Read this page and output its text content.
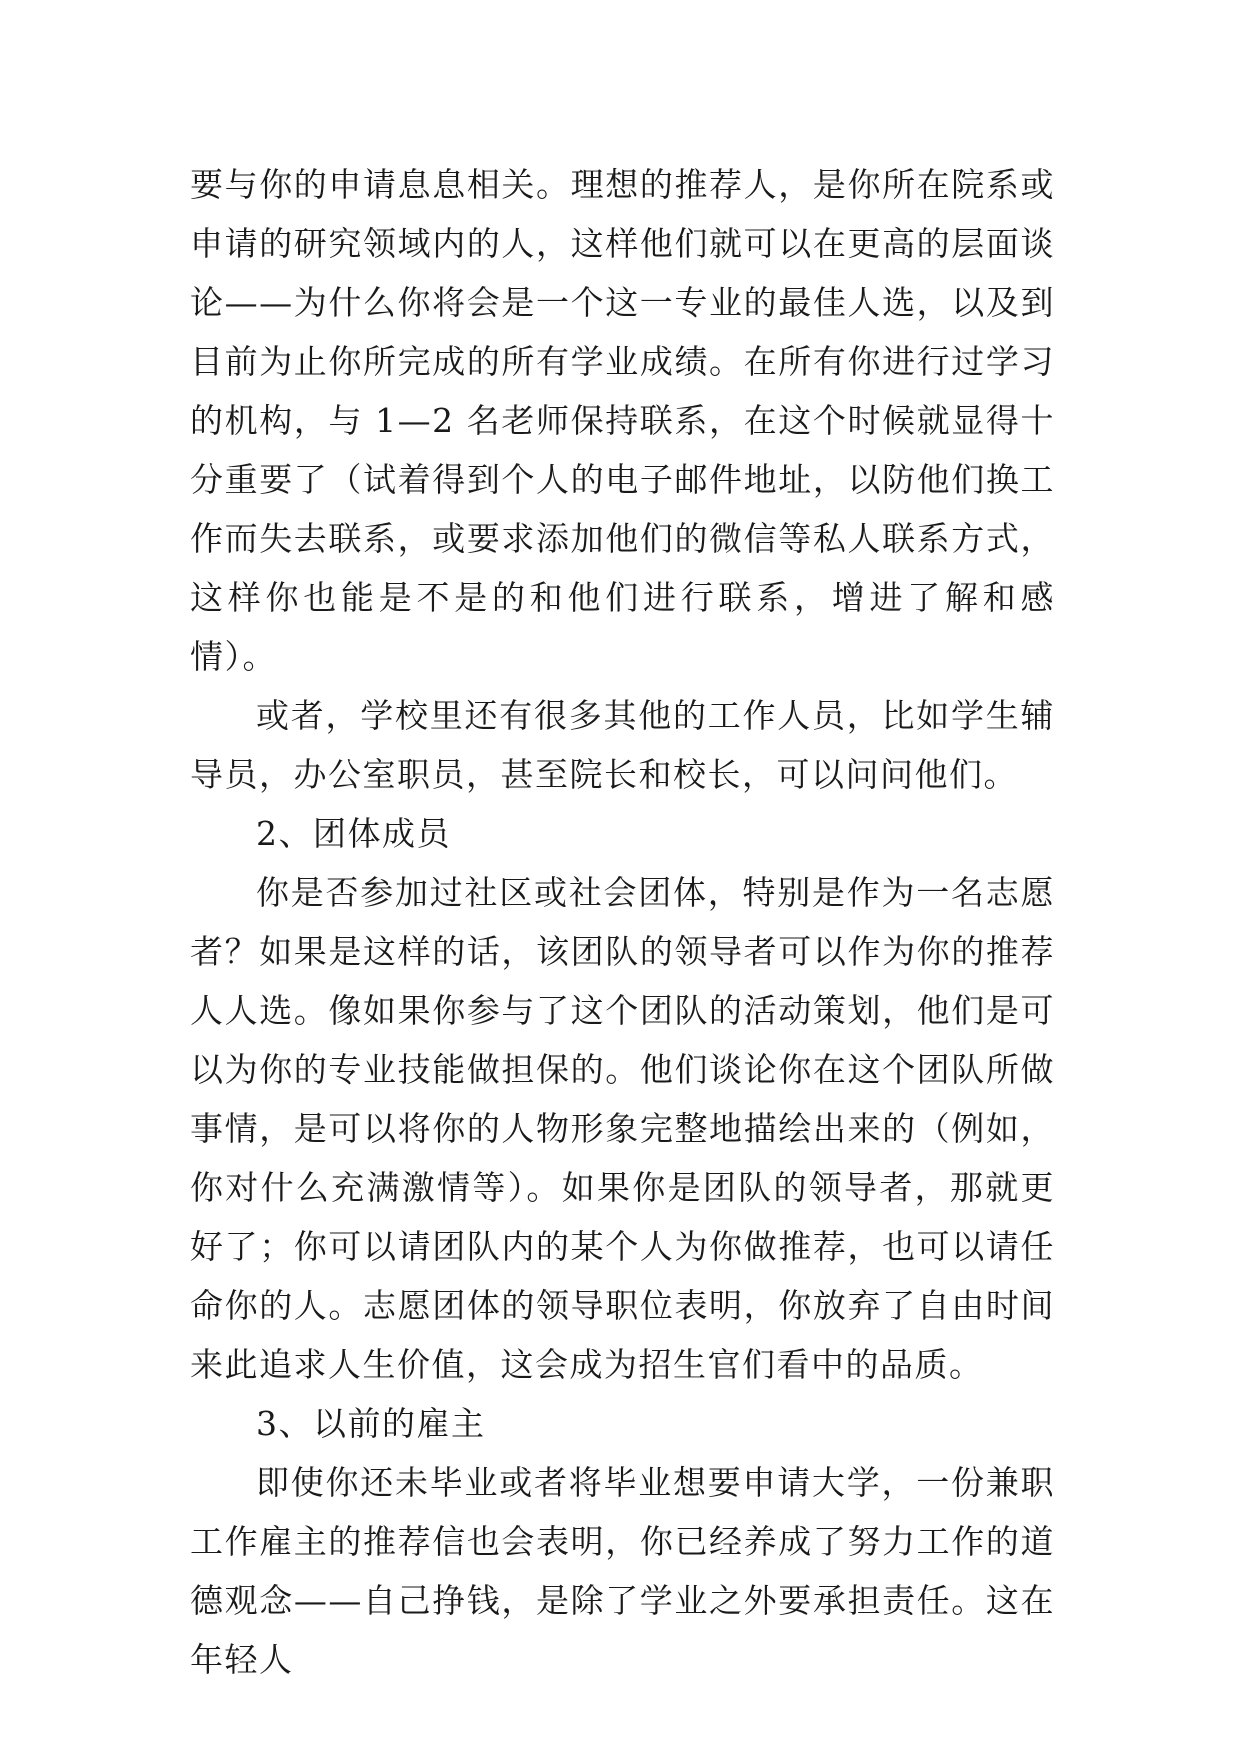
要与你的申请息息相关。理想的推荐人，是你所在院系或申请的研究领域内的人，这样他们就可以在更高的层面谈论——为什么你将会是一个这一专业的最佳人选，以及到目前为止你所完成的所有学业成绩。在所有你进行过学习的机构，与 1—2 名老师保持联系，在这个时候就显得十分重要了（试着得到个人的电子邮件地址，以防他们换工作而失去联系，或要求添加他们的微信等私人联系方式，这样你也能是不是的和他们进行联系，增进了解和感情）。

或者，学校里还有很多其他的工作人员，比如学生辅导员，办公室职员，甚至院长和校长，可以问问他们。

2、团体成员

你是否参加过社区或社会团体，特别是作为一名志愿者？如果是这样的话，该团队的领导者可以作为你的推荐人人选。像如果你参与了这个团队的活动策划，他们是可以为你的专业技能做担保的。他们谈论你在这个团队所做事情，是可以将你的人物形象完整地描绘出来的（例如，你对什么充满激情等）。如果你是团队的领导者，那就更好了；你可以请团队内的某个人为你做推荐，也可以请任命你的人。志愿团体的领导职位表明，你放弃了自由时间来此追求人生价值，这会成为招生官们看中的品质。

3、以前的雇主

即使你还未毕业或者将毕业想要申请大学，一份兼职工作雇主的推荐信也会表明，你已经养成了努力工作的道德观念——自己挣钱，是除了学业之外要承担责任。这在年轻人
